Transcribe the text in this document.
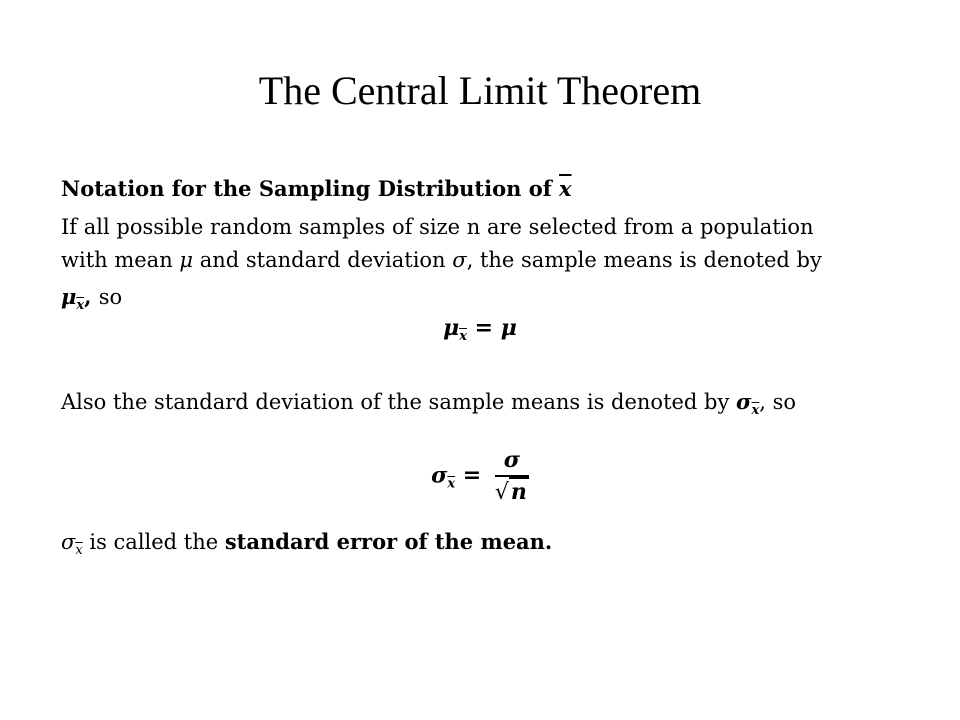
The Central Limit Theorem

Notation for the Sampling Distribution of $\overline{x}$

If all possible random samples of size n are selected from a population

with mean μ and standard deviation σ, the sample means is denoted by

$\mu_{\overline{x}}$, so

$\mu_{\overline{x}} = \mu$

Also the standard deviation of the sample means is denoted by $\sigma_{\overline{x}}$, so

$\sigma_{\overline{x}} = \frac{\sigma}{√n}$

$\sigma_{\overline{x}}$ is called the standard error of the mean.
